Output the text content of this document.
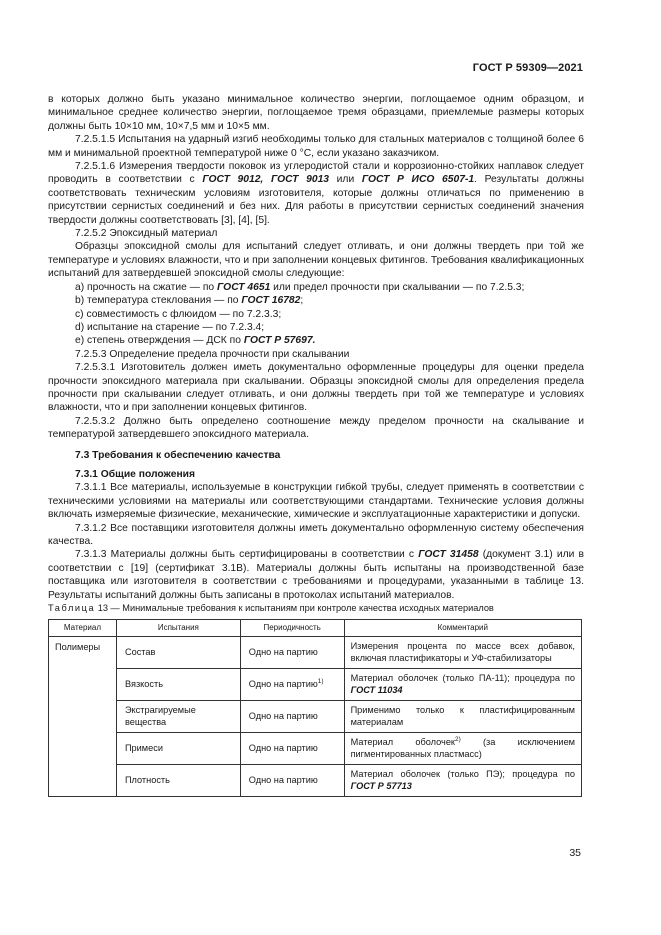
ГОСТ Р 59309—2021

в которых должно быть указано минимальное количество энергии, поглощаемое одним образцом, и минимальное среднее количество энергии, поглощаемое тремя образцами, приемлемые размеры которых должны быть 10×10 мм, 10×7,5 мм и 10×5 мм.

7.2.5.1.5 Испытания на ударный изгиб необходимы только для стальных материалов с толщиной более 6 мм и минимальной проектной температурой ниже 0 °С, если указано заказчиком.

7.2.5.1.6 Измерения твердости поковок из углеродистой стали и коррозионно-стойких наплавок следует проводить в соответствии с ГОСТ 9012, ГОСТ 9013 или ГОСТ Р ИСО 6507-1. Результаты должны соответствовать техническим условиям изготовителя, которые должны отличаться по применению в присутствии сернистых соединений и без них. Для работы в присутствии сернистых соединений значения твердости должны соответствовать [3], [4], [5].

7.2.5.2 Эпоксидный материал

Образцы эпоксидной смолы для испытаний следует отливать, и они должны твердеть при той же температуре и условиях влажности, что и при заполнении концевых фитингов. Требования квалификационных испытаний для затвердевшей эпоксидной смолы следующие:

a) прочность на сжатие — по ГОСТ 4651 или предел прочности при скалывании — по 7.2.5.3;

b) температура стеклования — по ГОСТ 16782;

c) совместимость с флюидом — по 7.2.3.3;

d) испытание на старение — по 7.2.3.4;

e) степень отверждения — ДСК по ГОСТ Р 57697.

7.2.5.3 Определение предела прочности при скалывании

7.2.5.3.1 Изготовитель должен иметь документально оформленные процедуры для оценки предела прочности эпоксидного материала при скалывании. Образцы эпоксидной смолы для определения предела прочности при скалывании следует отливать, и они должны твердеть при той же температуре и условиях влажности, что и при заполнении концевых фитингов.

7.2.5.3.2 Должно быть определено соотношение между пределом прочности на скалывание и температурой затвердевшего эпоксидного материала.

7.3 Требования к обеспечению качества

7.3.1 Общие положения

7.3.1.1 Все материалы, используемые в конструкции гибкой трубы, следует применять в соответствии с техническими условиями на материалы или соответствующими стандартами. Технические условия должны включать измеряемые физические, механические, химические и эксплуатационные характеристики и допуски.

7.3.1.2 Все поставщики изготовителя должны иметь документально оформленную систему обеспечения качества.

7.3.1.3 Материалы должны быть сертифицированы в соответствии с ГОСТ 31458 (документ 3.1) или в соответствии с [19] (сертификат 3.1В). Материалы должны быть испытаны на производственной базе поставщика или изготовителя в соответствии с требованиями и процедурами, указанными в таблице 13. Результаты испытаний должны быть записаны в протоколах испытаний материалов.

Таблица 13 — Минимальные требования к испытаниям при контроле качества исходных материалов

Материал	Испытания	Периодичность	Комментарий
Полимеры	Состав	Одно на партию	Измерения процента по массе всех добавок, включая пластификаторы и УФ-стабилизаторы
	Вязкость	Одно на партию$^{1)}$	Материал оболочек (только ПА-11); процедура по ГОСТ 11034
	Экстрагируемые вещества	Одно на партию	Применимо только к пластифицированным материалам
	Примеси	Одно на партию	Материал оболочек$^{2)}$ (за исключением пигментированных пластмасс)
	Плотность	Одно на партию	Материал оболочек (только ПЭ); процедура по ГОСТ Р 57713
35
